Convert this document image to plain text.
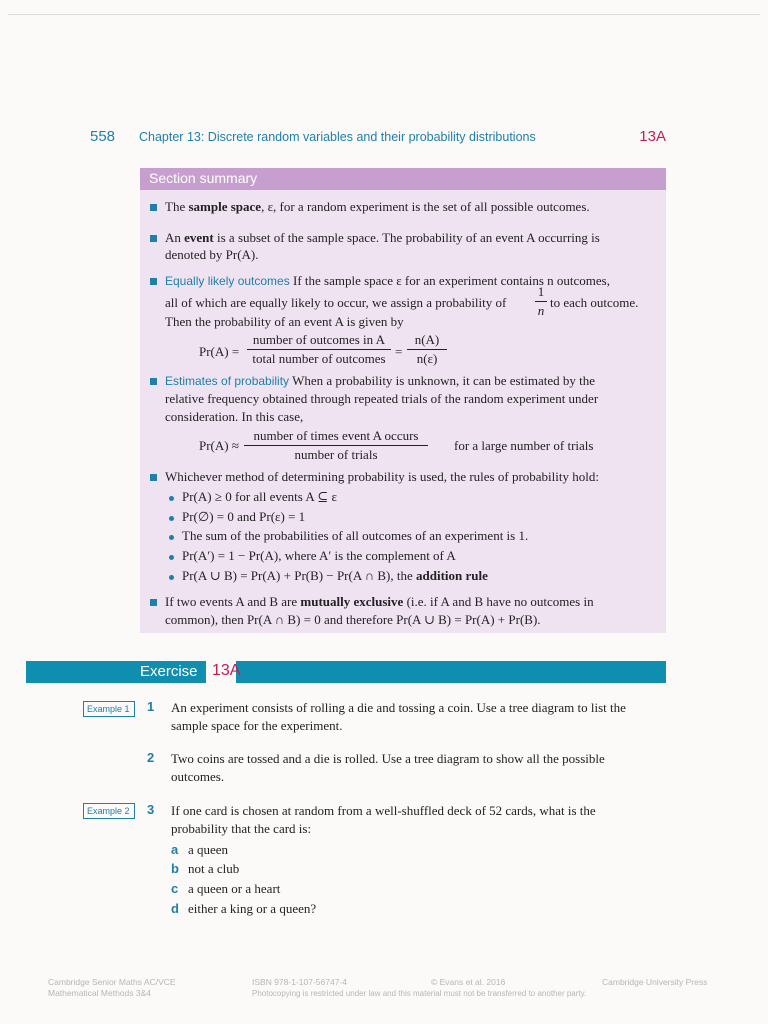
558 Chapter 13: Discrete random variables and their probability distributions	13A
Section summary
The sample space, ε, for a random experiment is the set of all possible outcomes.
An event is a subset of the sample space. The probability of an event A occurring is
denoted by Pr(A).
Equally likely outcomes If the sample space ε for an experiment contains n outcomes,
all of which are equally likely to occur, we assign a probability of $\frac{1}{n}$ to each outcome.
Then the probability of an event A is given by
Pr(A) =
number of outcomes in A
total number of outcomes = $\frac{n(A)}{n(\varepsilon)}$
Estimates of probability When a probability is unknown, it can be estimated by the
relative frequency obtained through repeated trials of the random experiment under
consideration. In this case,
Pr(A) ≈
number of times event A occurs
number of trials
for a large number of trials
Whichever method of determining probability is used, the rules of probability hold:
Pr(A) ≥ 0 for all events A ⊆ ε
Pr(∅) = 0 and Pr(ε) = 1
The sum of the probabilities of all outcomes of an experiment is 1.
Pr(A′) = 1 − Pr(A), where A′ is the complement of A
Pr(A ∪ B) = Pr(A) + Pr(B) − Pr(A ∩ B), the addition rule
If two events A and B are mutually exclusive (i.e. if A and B have no outcomes in
common), then Pr(A ∩ B) = 0 and therefore Pr(A ∪ B) = Pr(A) + Pr(B).
Exercise 13A
Example 1	1 An experiment consists of rolling a die and tossing a coin. Use a tree diagram to list the
sample space for the experiment.
2 Two coins are tossed and a die is rolled. Use a tree diagram to show all the possible
outcomes.
Example 2	3 If one card is chosen at random from a well-shuffled deck of 52 cards, what is the
probability that the card is:
a a queen
b not a club
c a queen or a heart
d either a king or a queen?
Cambridge Senior Maths AC/VCE
Mathematical Methods 3&4
ISBN 978-1-107-56747-4	© Evans et al. 2016	Cambridge University Press
Photocopying is restricted under law and this material must not be transferred to another party.
